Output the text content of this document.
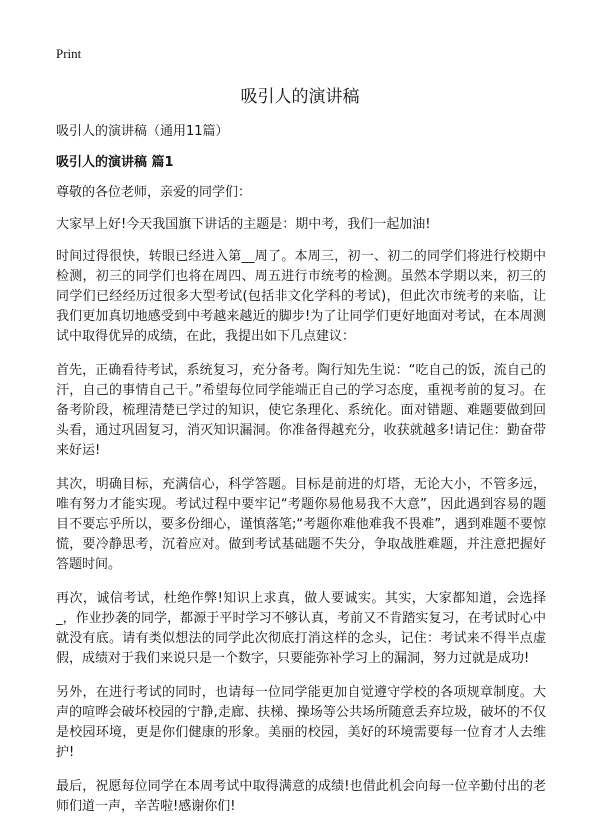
Print
吸引人的演讲稿

吸引人的演讲稿（通用11篇）

吸引人的演讲稿 篇1

尊敬的各位老师，亲爱的同学们：

大家早上好!今天我国旗下讲话的主题是：期中考，我们一起加油!

时间过得很快，转眼已经进入第__周了。本周三，初一、初二的同学们将进行校期中检测，初三的同学们也将在周四、周五进行市统考的检测。虽然本学期以来，初三的同学们已经经历过很多大型考试(包括非文化学科的考试)，但此次市统考的来临，让我们更加真切地感受到中考越来越近的脚步!为了让同学们更好地面对考试，在本周测试中取得优异的成绩，在此，我提出如下几点建议：

首先，正确看待考试，系统复习，充分备考。陶行知先生说：“吃自己的饭，流自己的汗，自己的事情自己干。”希望每位同学能端正自己的学习态度，重视考前的复习。在备考阶段，梳理清楚已学过的知识，使它条理化、系统化。面对错题、难题要做到回头看，通过巩固复习，消灭知识漏洞。你准备得越充分，收获就越多!请记住：勤奋带来好运!

其次，明确目标，充满信心，科学答题。目标是前进的灯塔，无论大小，不管多远，唯有努力才能实现。考试过程中要牢记“考题你易他易我不大意”，因此遇到容易的题目不要忘乎所以，要多份细心，谨慎落笔;“考题你难他难我不畏难”，遇到难题不要惊慌，要冷静思考，沉着应对。做到考试基础题不失分，争取战胜难题，并注意把握好答题时间。

再次，诚信考试，杜绝作弊!知识上求真，做人要诚实。其实，大家都知道，会选择_，作业抄袭的同学，都源于平时学习不够认真，考前又不肯踏实复习，在考试时心中就没有底。请有类似想法的同学此次彻底打消这样的念头，记住：考试来不得半点虚假，成绩对于我们来说只是一个数字，只要能弥补学习上的漏洞，努力过就是成功!

另外，在进行考试的同时，也请每一位同学能更加自觉遵守学校的各项规章制度。大声的喧哗会破坏校园的宁静,走廊、扶梯、操场等公共场所随意丢弃垃圾，破坏的不仅是校园环境，更是你们健康的形象。美丽的校园，美好的环境需要每一位育才人去维护!

最后，祝愿每位同学在本周考试中取得满意的成绩!也借此机会向每一位辛勤付出的老师们道一声，辛苦啦!感谢你们!
